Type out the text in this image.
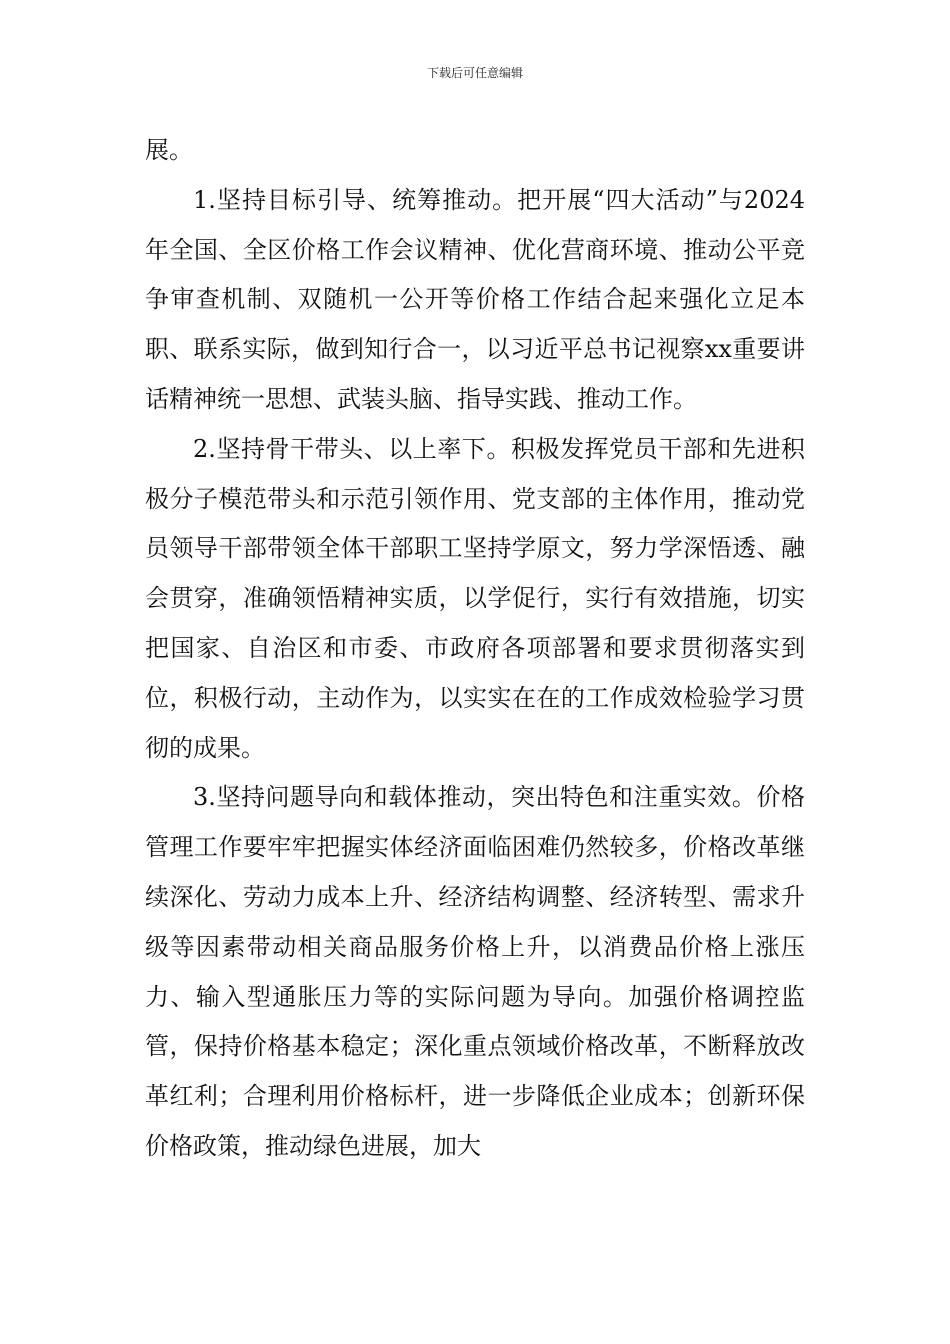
下载后可任意编辑

展。

1.坚持目标引导、统筹推动。把开展“四大活动”与2024年全国、全区价格工作会议精神、优化营商环境、推动公平竞争审查机制、双随机一公开等价格工作结合起来强化立足本职、联系实际，做到知行合一，以习近平总书记视察xx重要讲话精神统一思想、武装头脑、指导实践、推动工作。

2.坚持骨干带头、以上率下。积极发挥党员干部和先进积极分子模范带头和示范引领作用、党支部的主体作用，推动党员领导干部带领全体干部职工坚持学原文，努力学深悟透、融会贯穿，准确领悟精神实质，以学促行，实行有效措施，切实把国家、自治区和市委、市政府各项部署和要求贯彻落实到位，积极行动，主动作为，以实实在在的工作成效检验学习贯彻的成果。

3.坚持问题导向和载体推动，突出特色和注重实效。价格管理工作要牢牢把握实体经济面临困难仍然较多，价格改革继续深化、劳动力成本上升、经济结构调整、经济转型、需求升级等因素带动相关商品服务价格上升，以消费品价格上涨压力、输入型通胀压力等的实际问题为导向。加强价格调控监管，保持价格基本稳定；深化重点领域价格改革，不断释放改革红利；合理利用价格标杆，进一步降低企业成本；创新环保价格政策，推动绿色进展，加大
